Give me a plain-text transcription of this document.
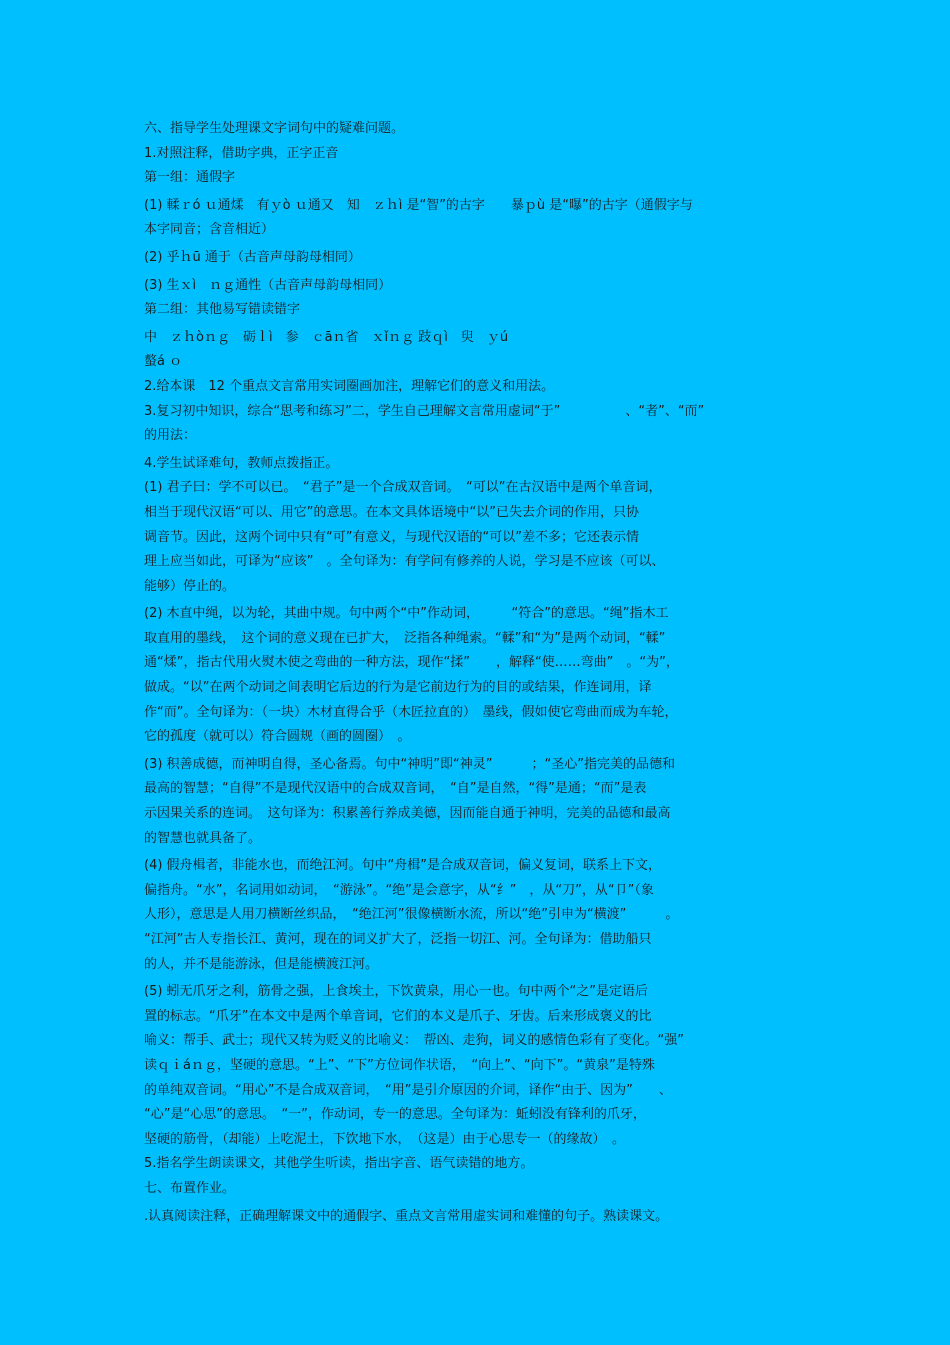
六、指导学生处理课文字词句中的疑难问题。
1.对照注释，借助字典，正字正音
第一组：通假字
(1) 輮ｒó ｕ通煣　有ｙò ｕ通又　知　ｚｈì 是“智”的古字　　暴ｐù 是“曝”的古字（通假字与
本字同音；含音相近）
(2) 乎ｈū 通于（古音声母韵母相同）
(3) 生ｘì　ｎｇ通性（古音声母韵母相同）
第二组：其他易写错读错字
中　ｚｈòｎｇ　砺ｌì　参　ｃāｎ省　ｘǐｎｇ 跂ｑì　臾　ｙú
螯á ｏ
2.给本课　12 个重点文言常用实词圈画加注，理解它们的意义和用法。
3.复习初中知识，综合“思考和练习”二，学生自己理解文言常用虚词“于”　　　　　、“者”、“而”
的用法：
4.学生试译难句，教师点拨指正。
(1) 君子曰：学不可以已。　“君子”是一个合成双音词。　“可以”在古汉语中是两个单音词，
相当于现代汉语“可以、用它”的意思。在本文具体语境中“以”已失去介词的作用，只协
调音节。因此，这两个词中只有“可”有意义，与现代汉语的“可以”差不多；它还表示情
理上应当如此，可译为“应该”　。全句译为：有学问有修养的人说，学习是不应该（可以、
能够）停止的。
(2) 木直中绳，以为轮，其曲中规。句中两个“中”作动词，　　　“符合”的意思。“绳”指木工
取直用的墨线，　这个词的意义现在已扩大，　泛指各种绳索。“輮”和“为”是两个动词，“輮”
通“煣”，指古代用火熨木使之弯曲的一种方法，现作“揉”　　，解释“使……弯曲”　。“为”，
做成。“以”在两个动词之间表明它后边的行为是它前边行为的目的或结果，作连词用，译
作“而”。全句译为：（一块）木材直得合乎（木匠拉直的）　墨线，假如使它弯曲而成为车轮，
它的孤度（就可以）符合圆规（画的圆圈）　。
(3) 积善成德，而神明自得，圣心备焉。句中“神明”即“神灵”　　　；“圣心”指完美的品德和
最高的智慧；“自得”不是现代汉语中的合成双音词，　“自”是自然，“得”是通；“而”是表
示因果关系的连词。　这句译为：积累善行养成美德，因而能自通于神明，完美的品德和最高
的智慧也就具备了。
(4) 假舟楫者，非能水也，而绝江河。句中“舟楫”是合成双音词，偏义复词，联系上下文，
偏指舟。“水”，名词用如动词，　“游泳”。“绝”是会意字，从“纟”　，从“刀”，从“卩”（象
人形），意思是人用刀横断丝织品，　“绝江河”很像横断水流，所以“绝”引申为“横渡”　　　。
“江河”古人专指长江、黄河，现在的词义扩大了，泛指一切江、河。全句译为：借助船只
的人，并不是能游泳，但是能横渡江河。
(5) 蚓无爪牙之利，筋骨之强，上食埃土，下饮黄泉，用心一也。句中两个“之”是定语后
置的标志。“爪牙”在本文中是两个单音词，它们的本义是爪子、牙齿。后来形成褒义的比
喻义：帮手、武士；现代又转为贬义的比喻义：　帮凶、走狗，词义的感情色彩有了变化。“强”
读ｑｉáｎｇ，坚硬的意思。“上”、“下”方位词作状语，　“向上”、“向下”。“黄泉”是特殊
的单纯双音词。“用心”不是合成双音词，　“用”是引介原因的介词，译作“由于、因为”　　、
“心”是“心思”的意思。　“一”，作动词，专一的意思。全句译为：蚯蚓没有锋利的爪牙，
坚硬的筋骨，（却能）上吃泥土，下饮地下水，　（这是）由于心思专一（的缘故）　。
5.指名学生朗读课文，其他学生听读，指出字音、语气读错的地方。
七、布置作业。
.认真阅读注释，正确理解课文中的通假字、重点文言常用虚实词和难懂的句子。熟读课文。
